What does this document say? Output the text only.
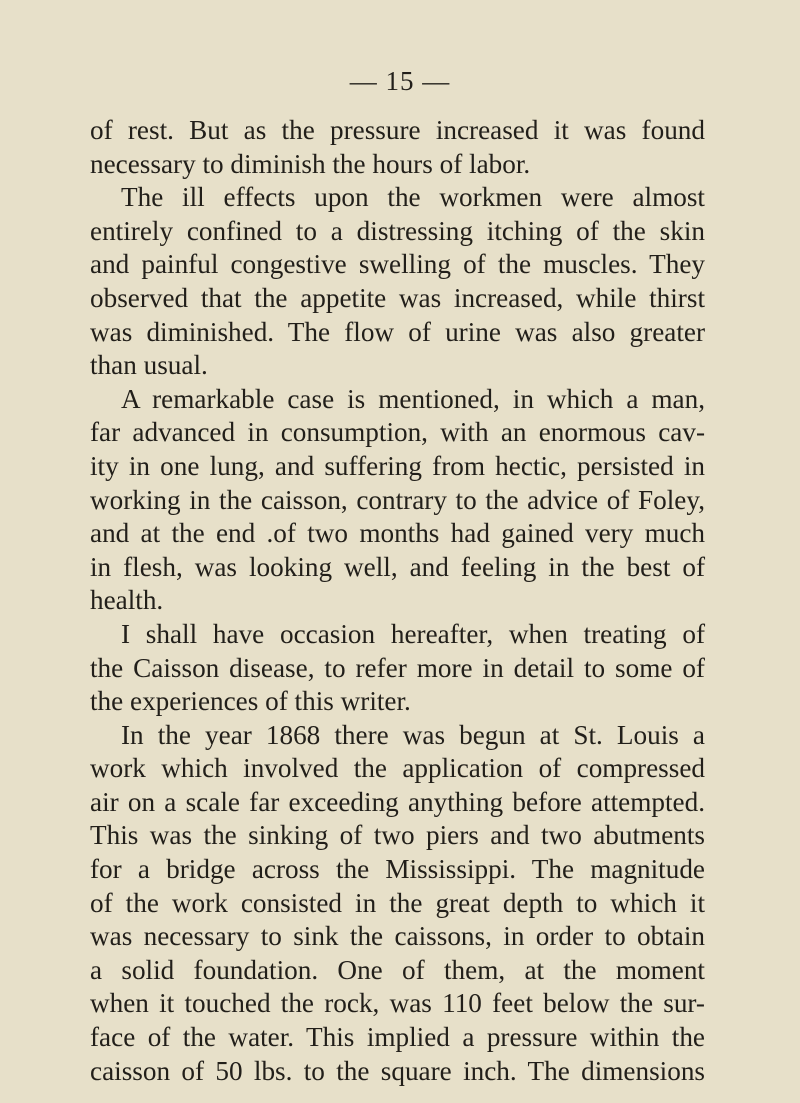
— 15 —
of rest. But as the pressure increased it was found
necessary to diminish the hours of labor.
The ill effects upon the workmen were almost
entirely confined to a distressing itching of the skin
and painful congestive swelling of the muscles. They
observed that the appetite was increased, while thirst
was diminished. The flow of urine was also greater
than usual.
A remarkable case is mentioned, in which a man,
far advanced in consumption, with an enormous cav-
ity in one lung, and suffering from hectic, persisted in
working in the caisson, contrary to the advice of Foley,
and at the end .of two months had gained very much
in flesh, was looking well, and feeling in the best of
health.
I shall have occasion hereafter, when treating of
the Caisson disease, to refer more in detail to some of
the experiences of this writer.
In the year 1868 there was begun at St. Louis a
work which involved the application of compressed
air on a scale far exceeding anything before attempted.
This was the sinking of two piers and two abutments
for a bridge across the Mississippi. The magnitude
of the work consisted in the great depth to which it
was necessary to sink the caissons, in order to obtain
a solid foundation. One of them, at the moment
when it touched the rock, was 110 feet below the sur-
face of the water. This implied a pressure within the
caisson of 50 lbs. to the square inch. The dimensions
